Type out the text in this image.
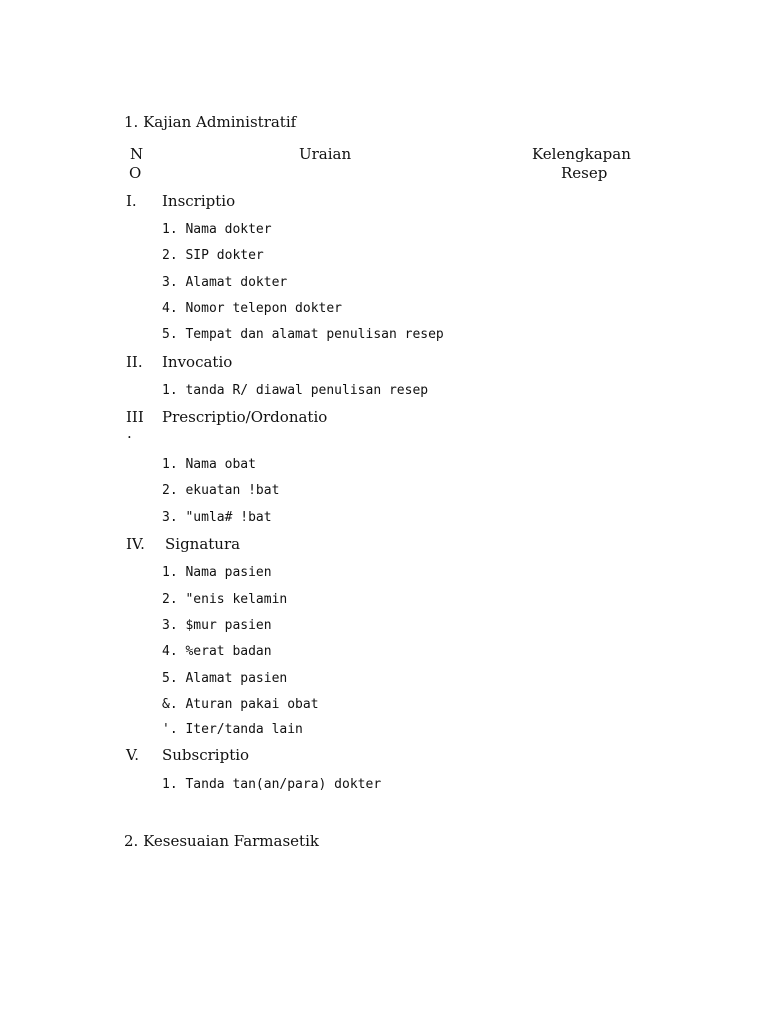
1. Kajian Administratif
N
O
Uraian	Kelengkapan
Resep
I. Inscriptio
1. Nama dokter
2. SIP dokter
3. Alamat dokter
4. Nomor telepon dokter
5. Tempat dan alamat penulisan resep
II. Invocatio
1. tanda R/ diawal penulisan resep
III
.
Prescriptio/Ordonatio
1. Nama obat
2. ekuatan !bat
3. "umla# !bat
IV. Signatura
1. Nama pasien
2. "enis kelamin
3. $mur pasien
4. %erat badan
5. Alamat pasien
&. Aturan pakai obat
'. Iter/tanda lain
V. Subscriptio
1. Tanda tan(an/para) dokter
2. Kesesuaian Farmasetik
